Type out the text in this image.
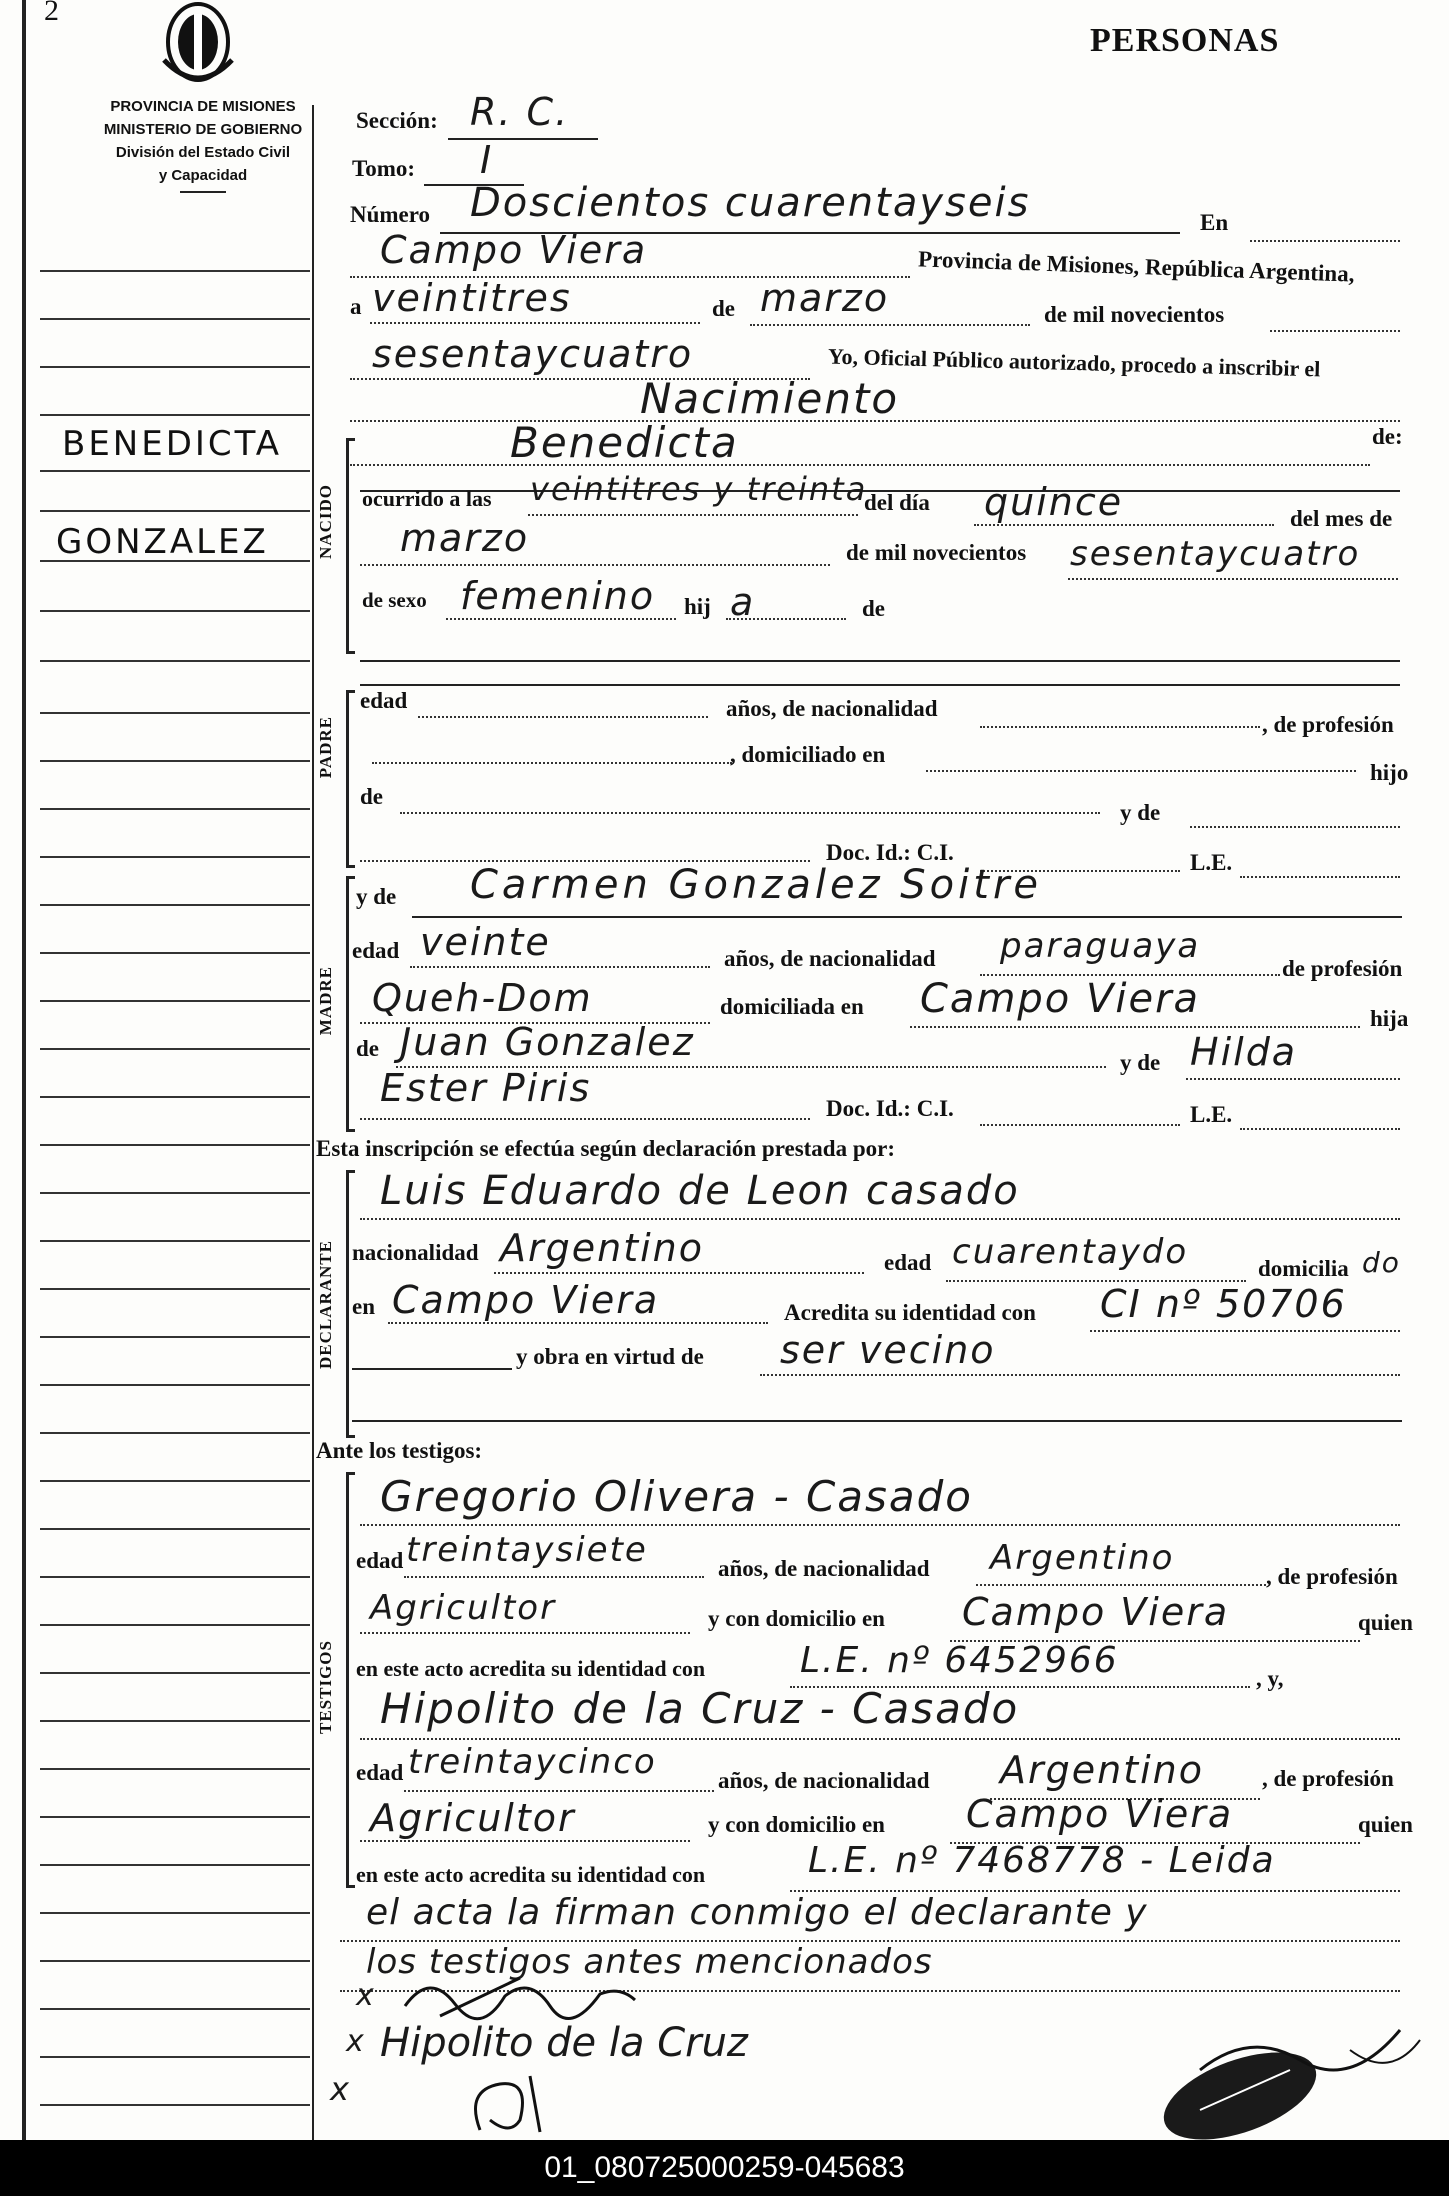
2
PERSONAS
PROVINCIA DE MISIONES
MINISTERIO DE GOBIERNO
División del Estado Civil
y Capacidad
BENEDICTA
GONZALEZ
Sección: R. C.
Tomo: I
Número Doscientos cuarentayseis	En
Campo Viera	Provincia de Misiones, República Argentina,
a veintitres	de marzo	de mil novecientos
sesentaycuatro	Yo, Oficial Público autorizado, procedo a inscribir el
Nacimiento
de:
Benedicta
NACIDO ocurrido a las veintitres y treinta
del día quince	del mes de
marzo	de mil novecientos sesentaycuatro
de sexo femenino hij a	de
PADRE
edad	años, de nacionalidad
, de profesión
, domiciliado en
hijo
de
y de
Doc. Id.: C.I.	L.E.
MADRE
y de Carmen Gonzalez Soitre
edad veinte	años, de nacionalidad paraguaya
de profesión
Queh-Dom	domiciliada en Campo Viera	hija
de Juan Gonzalez	y de Hilda
Ester Piris	Doc. Id.: C.I.	L.E.
Esta inscripción se efectúa según declaración prestada por:
DECLARANTE
Luis Eduardo de Leon casado
nacionalidad Argentino	edad cuarentaydo	domicilia do
en Campo Viera	Acredita su identidad con CI nº 50706
y obra en virtud de ser vecino
Ante los testigos:
TESTIGOS
Gregorio Olivera - Casado
edad treintaysiete	años, de nacionalidad Argentino	, de profesión
Agricultor	y con domicilio en Campo Viera	quien
en este acto acredita su identidad con	L.E. nº 6452966	, y,
Hipolito de la Cruz - Casado
edad treintaycinco	años, de nacionalidad Argentino	, de profesión
Agricultor	y con domicilio en Campo Viera	quien
en este acto acredita su identidad con	L.E. nº 7468778 - Leida
el acta la firman conmigo el declarante y
los testigos antes mencionados
x
x Hipolito de la Cruz
x
01_080725000259-045683
